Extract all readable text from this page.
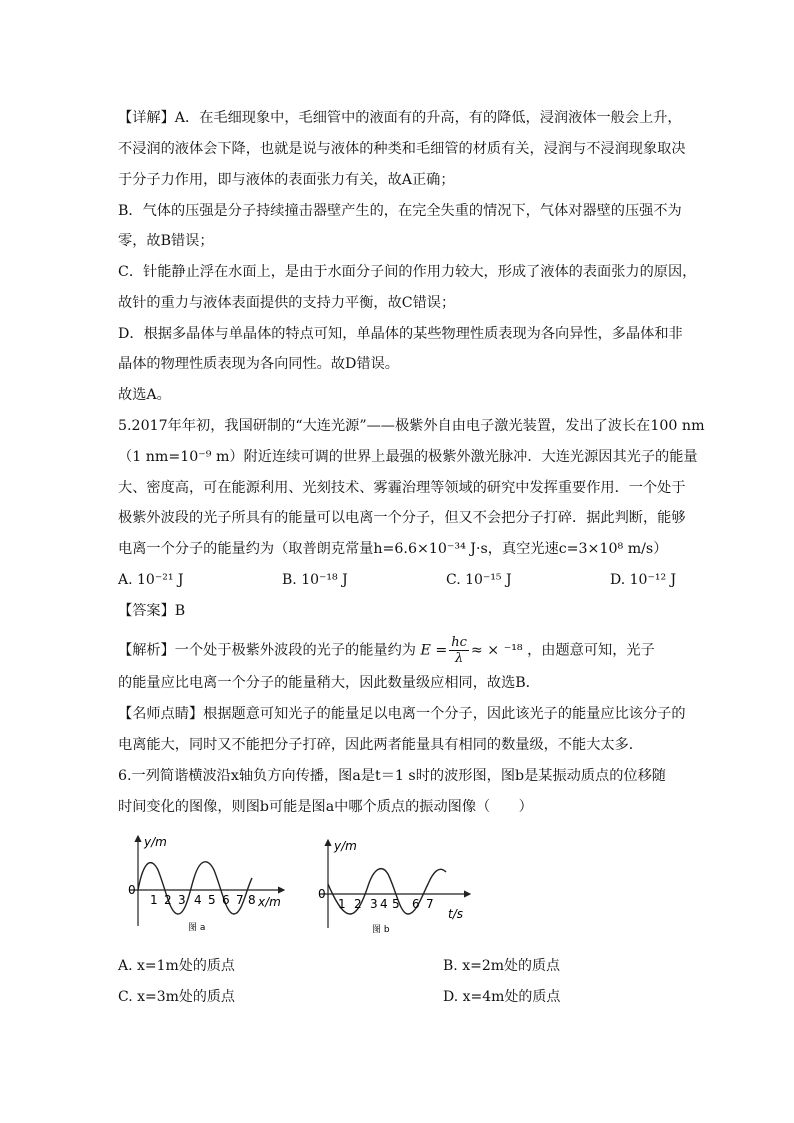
【详解】A．在毛细现象中，毛细管中的液面有的升高，有的降低，浸润液体一般会上升，
不浸润的液体会下降，也就是说与液体的种类和毛细管的材质有关，浸润与不浸润现象取决
于分子力作用，即与液体的表面张力有关，故A正确；
B．气体的压强是分子持续撞击器壁产生的，在完全失重的情况下，气体对器壁的压强不为
零，故B错误；
C．针能静止浮在水面上，是由于水面分子间的作用力较大，形成了液体的表面张力的原因，
故针的重力与液体表面提供的支持力平衡，故C错误；
D．根据多晶体与单晶体的特点可知，单晶体的某些物理性质表现为各向异性，多晶体和非
晶体的物理性质表现为各向同性。故D错误。
故选A。
5.2017年年初，我国研制的“大连光源”——极紫外自由电子激光装置，发出了波长在100 nm
（1 nm=10⁻⁹ m）附近连续可调的世界上最强的极紫外激光脉冲．大连光源因其光子的能量
大、密度高，可在能源利用、光刻技术、雾霾治理等领域的研究中发挥重要作用．一个处于
极紫外波段的光子所具有的能量可以电离一个分子，但又不会把分子打碎．据此判断，能够
电离一个分子的能量约为（取普朗克常量h=6.6×10⁻³⁴ J·s，真空光速c=3×10⁸ m/s）
A. 10⁻²¹ J	B. 10⁻¹⁸ J	C. 10⁻¹⁵ J	D. 10⁻¹² J
【答案】B
【解析】一个处于极紫外波段的光子的能量约为 $E = \frac{hc}{\lambda}$ ≈ × ⁻¹⁸ ，由题意可知，光子
的能量应比电离一个分子的能量稍大，因此数量级应相同，故选B．
【名师点睛】根据题意可知光子的能量足以电离一个分子，因此该光子的能量应比该分子的
电离能大，同时又不能把分子打碎，因此两者能量具有相同的数量级，不能大太多．
6.一列简谐横波沿x轴负方向传播，图a是t＝1 s时的波形图，图b是某振动质点的位移随
时间变化的图像，则图b可能是图a中哪个质点的振动图像（　　）
y/m
0
x/m
1 2 3 4 5 6 7 8
图 a
y/m
0
t/s
1 2 3 4 5 6 7
图 b
A. x=1m处的质点	B. x=2m处的质点
C. x=3m处的质点	D. x=4m处的质点
